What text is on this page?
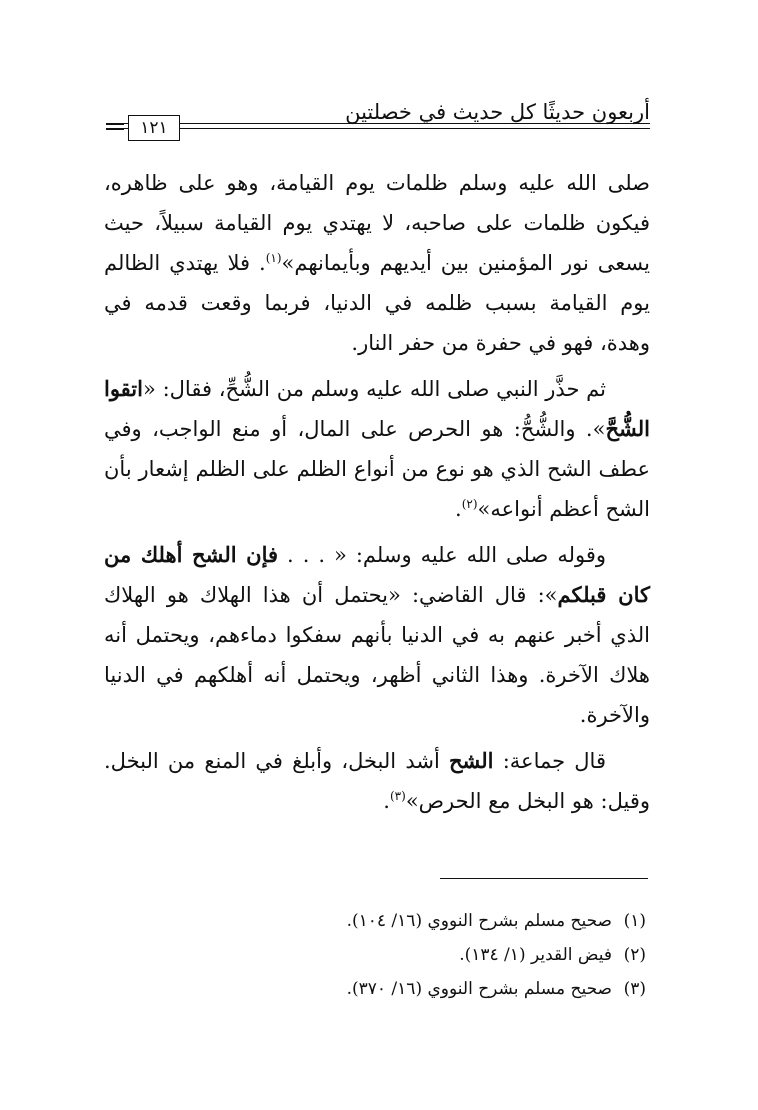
أربعون حديثًا كل حديث في خصلتين
١٢١

صلى الله عليه وسلم ظلمات يوم القيامة، وهو على ظاهره، فيكون ظلمات على صاحبه، لا يهتدي يوم القيامة سبيلاً، حيث يسعى نور المؤمنين بين أيديهم وبأيمانهم»$^{(١)}$. فلا يهتدي الظالم يوم القيامة بسبب ظلمه في الدنيا، فربما وقعت قدمه في وهدة، فهو في حفرة من حفر النار.

ثم حذَّر النبي صلى الله عليه وسلم من الشُّحِّ، فقال: «اتقوا الشُّحَّ». والشُّحُّ: هو الحرص على المال، أو منع الواجب، وفي عطف الشح الذي هو نوع من أنواع الظلم على الظلم إشعار بأن الشح أعظم أنواعه»$^{(٢)}$.

وقوله صلى الله عليه وسلم: « . . . فإن الشح أهلك من كان قبلكم»: قال القاضي: «يحتمل أن هذا الهلاك هو الهلاك الذي أخبر عنهم به في الدنيا بأنهم سفكوا دماءهم، ويحتمل أنه هلاك الآخرة. وهذا الثاني أظهر، ويحتمل أنه أهلكهم في الدنيا والآخرة.

قال جماعة: الشح أشد البخل، وأبلغ في المنع من البخل. وقيل: هو البخل مع الحرص»$^{(٣)}$.

(١)صحيح مسلم بشرح النووي (١٦/ ١٠٤).
(٢)فيض القدير (١/ ١٣٤).
(٣)صحيح مسلم بشرح النووي (١٦/ ٣٧٠).
